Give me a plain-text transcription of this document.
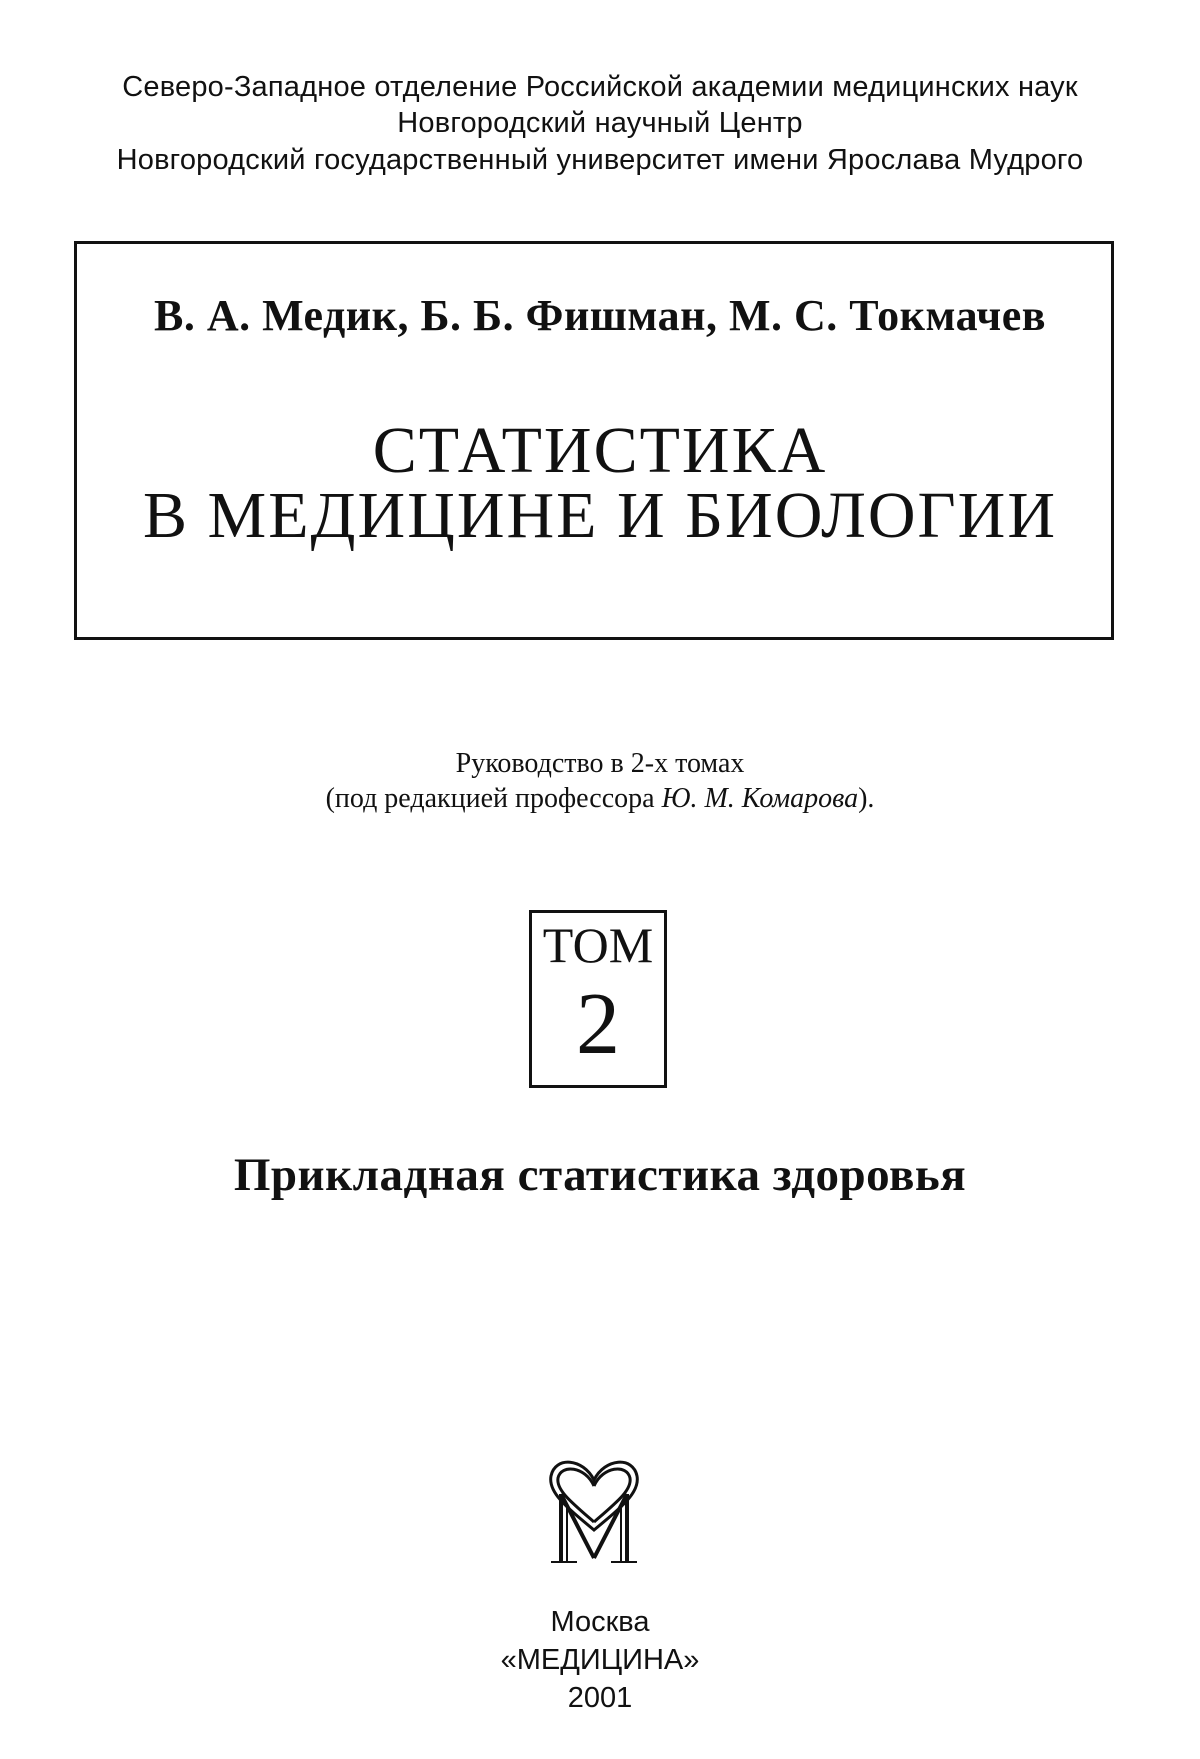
Северо-Западное отделение Российской академии медицинских наук
Новгородский научный Центр
Новгородский государственный университет имени Ярослава Мудрого
В. А. Медик, Б. Б. Фишман, М. С. Токмачев
СТАТИСТИКА
В МЕДИЦИНЕ И БИОЛОГИИ
Руководство в 2-х томах
(под редакцией профессора Ю. М. Комарова).
ТОМ
2
Прикладная статистика здоровья
Москва
«МЕДИЦИНА»
2001
